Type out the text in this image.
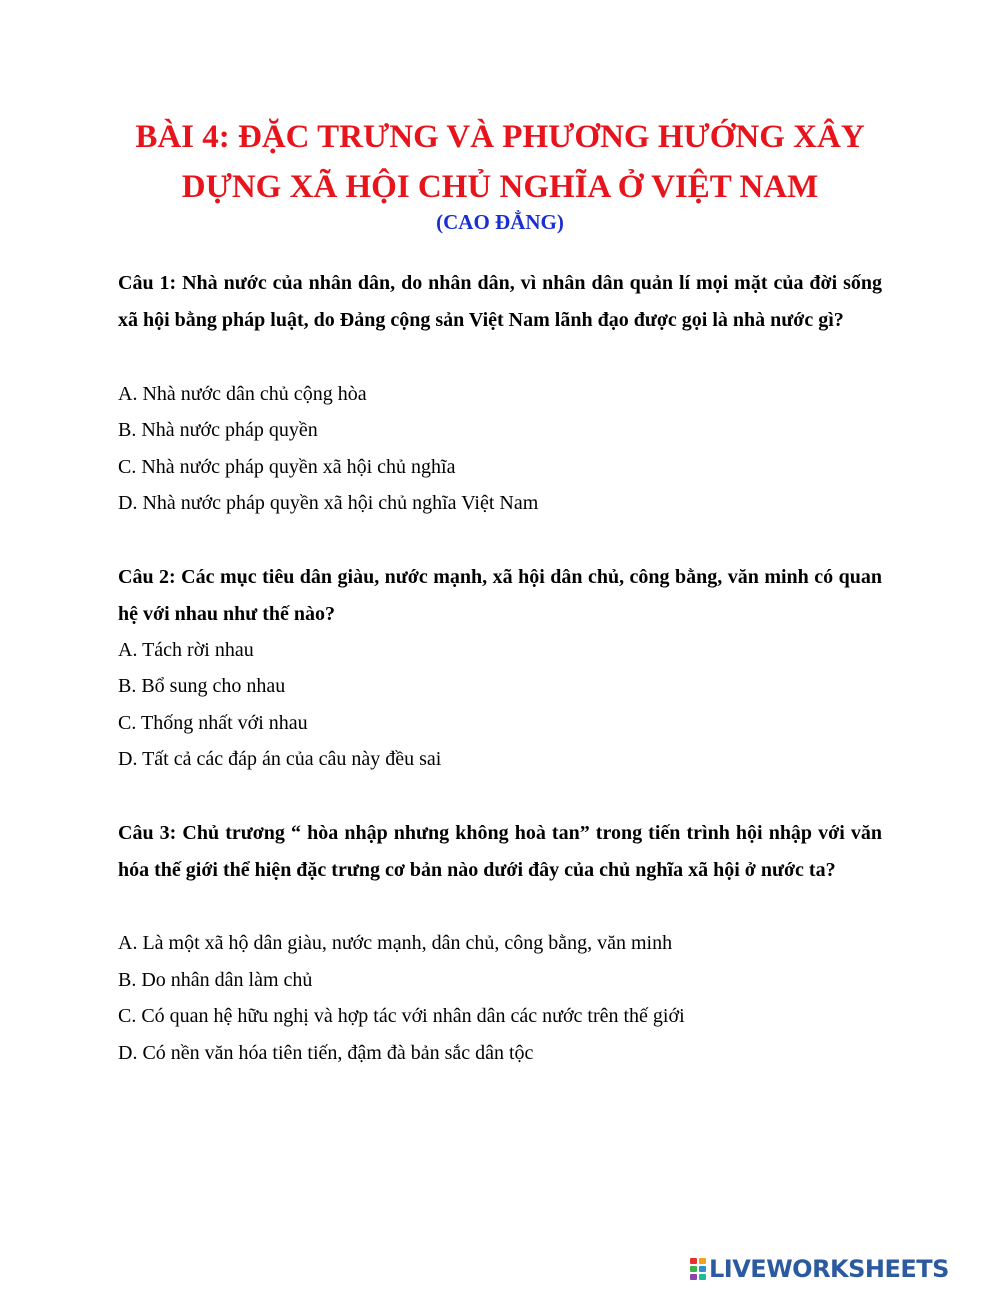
BÀI 4: ĐẶC TRƯNG VÀ PHƯƠNG HƯỚNG XÂY
DỰNG XÃ HỘI CHỦ NGHĨA Ở VIỆT NAM
(CAO ĐẲNG)

Câu 1: Nhà nước của nhân dân, do nhân dân, vì nhân dân quản lí mọi mặt của đời sống xã hội bằng pháp luật, do Đảng cộng sản Việt Nam lãnh đạo được gọi là nhà nước gì?

A. Nhà nước dân chủ cộng hòa
B. Nhà nước pháp quyền
C. Nhà nước pháp quyền xã hội chủ nghĩa
D. Nhà nước pháp quyền xã hội chủ nghĩa Việt Nam

Câu 2: Các mục tiêu dân giàu, nước mạnh, xã hội dân chủ, công bằng, văn minh có quan hệ với nhau như thế nào?

A. Tách rời nhau
B. Bổ sung cho nhau
C. Thống nhất với nhau
D. Tất cả các đáp án của câu này đều sai

Câu 3: Chủ trương “ hòa nhập nhưng không hoà tan” trong tiến trình hội nhập với văn hóa thế giới thể hiện đặc trưng cơ bản nào dưới đây của chủ nghĩa xã hội ở nước ta?

A. Là một xã hộ dân giàu, nước mạnh, dân chủ, công bằng, văn minh
B. Do nhân dân làm chủ
C. Có quan hệ hữu nghị và hợp tác với nhân dân các nước trên thế giới
D. Có nền văn hóa tiên tiến, đậm đà bản sắc dân tộc
LIVEWORKSHEETS
